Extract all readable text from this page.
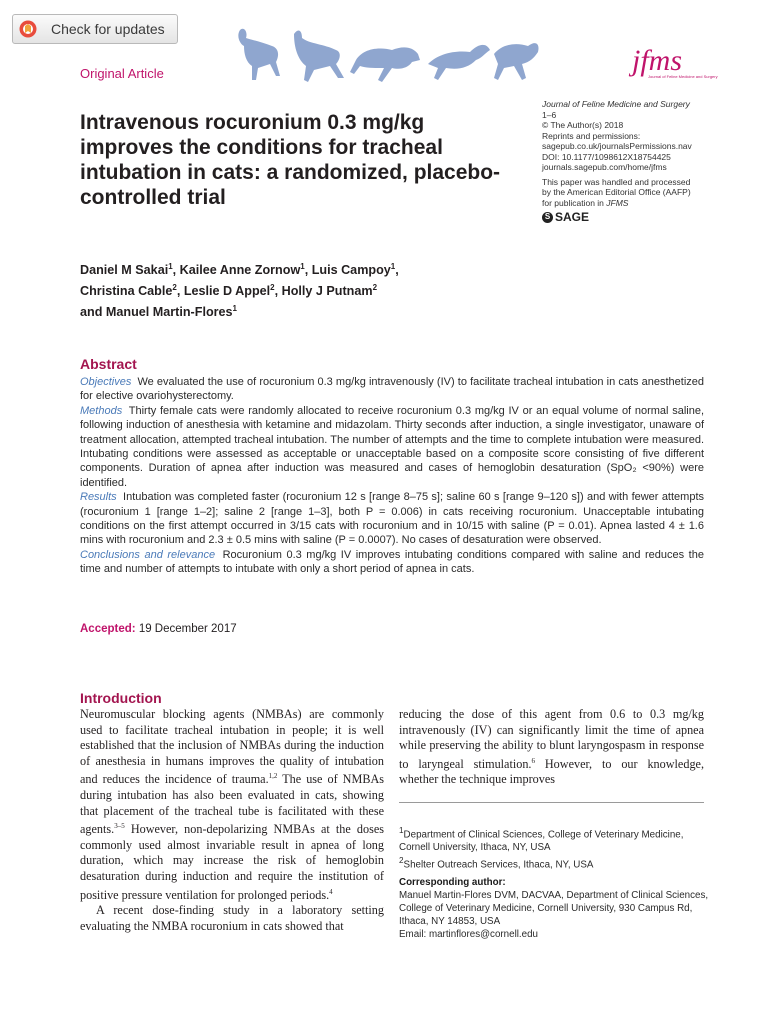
Check for updates
Original Article	jfms
Journal of Feline Medicine and Surgery
Intravenous rocuronium 0.3 mg/kg improves the conditions for tracheal intubation in cats: a randomized, placebo-controlled trial
Journal of Feline Medicine and Surgery
1–6
© The Author(s) 2018
Reprints and permissions:
sagepub.co.uk/journalsPermissions.nav
DOI: 10.1177/1098612X18754425
journals.sagepub.com/home/jfms
This paper was handled and processed
by the American Editorial Office (AAFP)
for publication in JFMS
S SAGE
Daniel M Sakai$^1$, Kailee Anne Zornow$^1$, Luis Campoy$^1$,
Christina Cable$^2$, Leslie D Appel$^2$, Holly J Putnam$^2$
and Manuel Martin-Flores$^1$
Abstract

Objectives We evaluated the use of rocuronium 0.3 mg/kg intravenously (IV) to facilitate tracheal intubation in cats anesthetized for elective ovariohysterectomy.

Methods Thirty female cats were randomly allocated to receive rocuronium 0.3 mg/kg IV or an equal volume of normal saline, following induction of anesthesia with ketamine and midazolam. Thirty seconds after induction, a single investigator, unaware of treatment allocation, attempted tracheal intubation. The number of attempts and the time to complete intubation were measured. Intubating conditions were assessed as acceptable or unacceptable based on a composite score consisting of five different components. Duration of apnea after induction was measured and cases of hemoglobin desaturation (SpO₂ <90%) were identified.

Results Intubation was completed faster (rocuronium 12 s [range 8–75 s]; saline 60 s [range 9–120 s]) and with fewer attempts (rocuronium 1 [range 1–2]; saline 2 [range 1–3], both P = 0.006) in cats receiving rocuronium. Unacceptable intubating conditions on the first attempt occurred in 3/15 cats with rocuronium and in 10/15 with saline (P = 0.01). Apnea lasted 4 ± 1.6 mins with rocuronium and 2.3 ± 0.5 mins with saline (P = 0.0007). No cases of desaturation were observed.

Conclusions and relevance Rocuronium 0.3 mg/kg IV improves intubating conditions compared with saline and reduces the time and number of attempts to intubate with only a short period of apnea in cats.

Accepted: 19 December 2017
Introduction

Neuromuscular blocking agents (NMBAs) are commonly used to facilitate tracheal intubation in people; it is well established that the inclusion of NMBAs during the induction of anesthesia in humans improves the quality of intubation and reduces the incidence of trauma.$^{1,2}$ The use of NMBAs during intubation has also been evaluated in cats, showing that placement of the tracheal tube is facilitated with these agents.$^{3-5}$ However, non-depolarizing NMBAs at the doses commonly used almost invariable result in apnea of long duration, which may increase the risk of hemoglobin desaturation during induction and require the institution of positive pressure ventilation for prolonged periods.$^4$

A recent dose-finding study in a laboratory setting evaluating the NMBA rocuronium in cats showed that

reducing the dose of this agent from 0.6 to 0.3 mg/kg intravenously (IV) can significantly limit the time of apnea while preserving the ability to blunt laryngospasm in response to laryngeal stimulation.$^6$ However, to our knowledge, whether the technique improves

$^1$Department of Clinical Sciences, College of Veterinary Medicine, Cornell University, Ithaca, NY, USA

$^2$Shelter Outreach Services, Ithaca, NY, USA

Corresponding author:

Manuel Martin-Flores DVM, DACVAA, Department of Clinical Sciences, College of Veterinary Medicine, Cornell University, 930 Campus Rd, Ithaca, NY 14853, USA

Email: martinflores@cornell.edu
